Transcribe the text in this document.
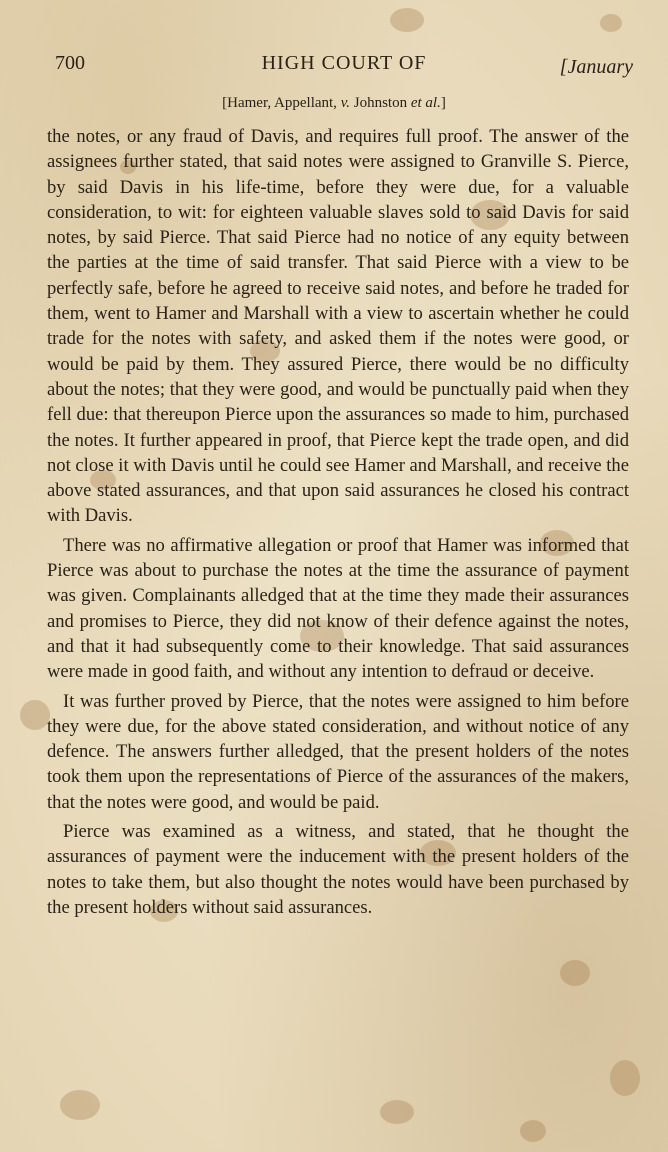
700	HIGH COURT OF	[January
[Hamer, Appellant, v. Johnston et al.]

the notes, or any fraud of Davis, and requires full proof. The answer of the assignees further stated, that said notes were assigned to Granville S. Pierce, by said Davis in his life-time, before they were due, for a valuable consideration, to wit: for eighteen valuable slaves sold to said Davis for said notes, by said Pierce. That said Pierce had no notice of any equity between the parties at the time of said transfer. That said Pierce with a view to be perfectly safe, before he agreed to receive said notes, and before he traded for them, went to Hamer and Marshall with a view to ascertain whether he could trade for the notes with safety, and asked them if the notes were good, or would be paid by them. They assured Pierce, there would be no difficulty about the notes; that they were good, and would be punctually paid when they fell due: that thereupon Pierce upon the assurances so made to him, purchased the notes. It further appeared in proof, that Pierce kept the trade open, and did not close it with Davis until he could see Hamer and Marshall, and receive the above stated assurances, and that upon said assurances he closed his contract with Davis.

There was no affirmative allegation or proof that Hamer was informed that Pierce was about to purchase the notes at the time the assurance of payment was given. Complainants alledged that at the time they made their assurances and promises to Pierce, they did not know of their defence against the notes, and that it had subsequently come to their knowledge. That said assurances were made in good faith, and without any intention to defraud or deceive.

It was further proved by Pierce, that the notes were assigned to him before they were due, for the above stated consideration, and without notice of any defence. The answers further alledged, that the present holders of the notes took them upon the representations of Pierce of the assurances of the makers, that the notes were good, and would be paid.

Pierce was examined as a witness, and stated, that he thought the assurances of payment were the inducement with the present holders of the notes to take them, but also thought the notes would have been purchased by the present holders without said assurances.
